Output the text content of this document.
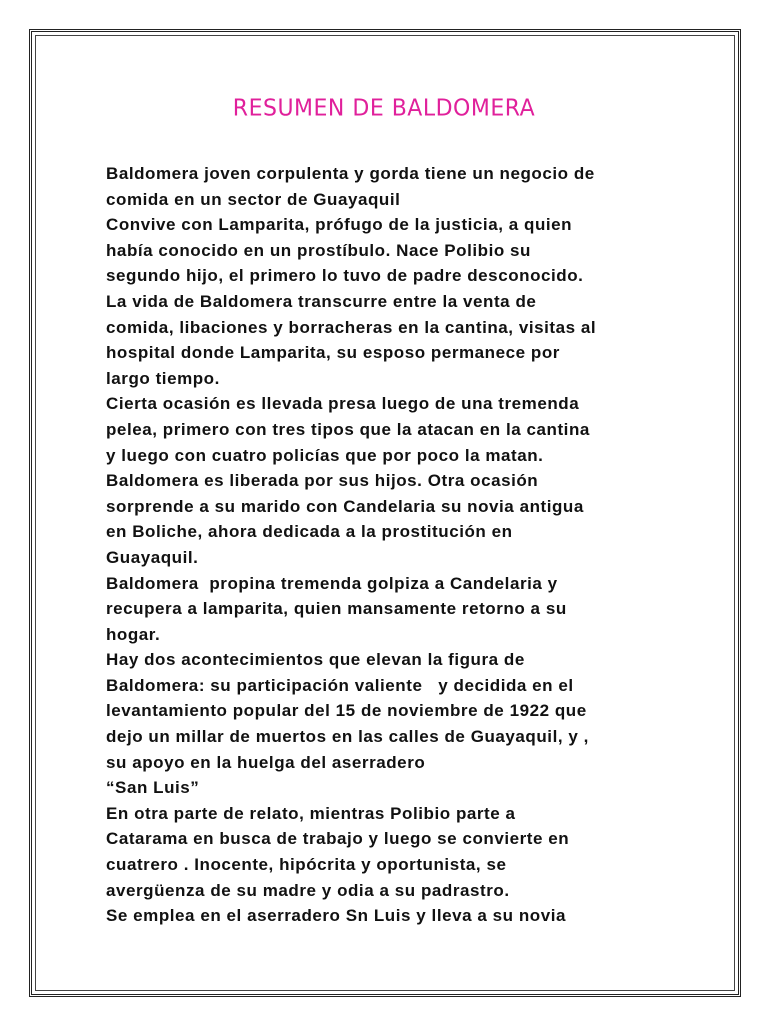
RESUMEN DE BALDOMERA
Baldomera joven corpulenta y gorda tiene un negocio de
comida en un sector de Guayaquil
Convive con Lamparita, prófugo de la justicia, a quien
había conocido en un prostíbulo. Nace Polibio su
segundo hijo, el primero lo tuvo de padre desconocido.
La vida de Baldomera transcurre entre la venta de
comida, libaciones y borracheras en la cantina, visitas al
hospital donde Lamparita, su esposo permanece por
largo tiempo.
Cierta ocasión es llevada presa luego de una tremenda
pelea, primero con tres tipos que la atacan en la cantina
y luego con cuatro policías que por poco la matan.
Baldomera es liberada por sus hijos. Otra ocasión
sorprende a su marido con Candelaria su novia antigua
en Boliche, ahora dedicada a la prostitución en
Guayaquil.
Baldomera  propina tremenda golpiza a Candelaria y
recupera a lamparita, quien mansamente retorno a su
hogar.
Hay dos acontecimientos que elevan la figura de
Baldomera: su participación valiente   y decidida en el
levantamiento popular del 15 de noviembre de 1922 que
dejo un millar de muertos en las calles de Guayaquil, y ,
su apoyo en la huelga del aserradero
“San Luis”
En otra parte de relato, mientras Polibio parte a
Catarama en busca de trabajo y luego se convierte en
cuatrero . Inocente, hipócrita y oportunista, se
avergüenza de su madre y odia a su padrastro.
Se emplea en el aserradero Sn Luis y lleva a su novia
